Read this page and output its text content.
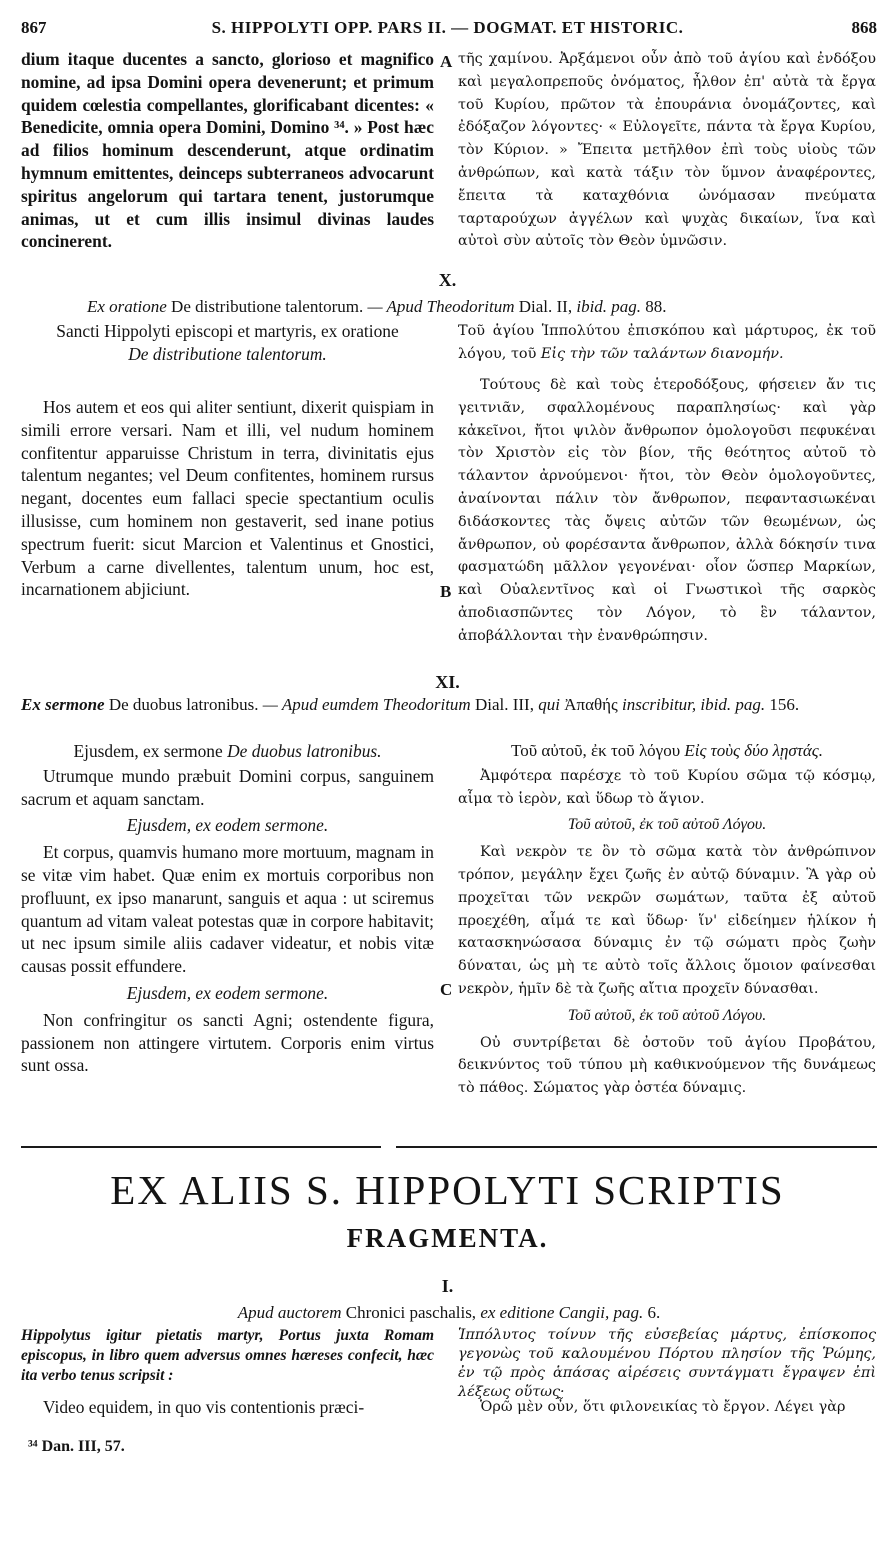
867	S. HIPPOLYTI OPP. PARS II. — DOGMAT. ET HISTORIC.	868
dium itaque ducentes a sancto, glorioso et magnifico nomine, ad ipsa Domini opera devenerunt; et primum quidem cœlestia compellantes, glorificabant dicentes: « Benedicite, omnia opera Domini, Domino ³⁴. » Post hæc ad filios hominum descenderunt, atque ordinatim hymnum emittentes, deinceps subterraneos advocarunt spiritus angelorum qui tartara tenent, justorumque animas, ut et cum illis insimul divinas laudes concinerent.
τῆς χαμίνου. Ἀρξάμενοι οὖν ἀπὸ τοῦ ἁγίου καὶ ἐνδόξου καὶ μεγαλοπρεποῦς ὀνόματος, ἦλθον ἐπ' αὐτὰ τὰ ἔργα τοῦ Κυρίου, πρῶτον τὰ ἐπουράνια ὀνομάζοντες, καὶ ἐδόξαζον λόγοντες· « Εὐλογεῖτε, πάντα τὰ ἔργα Κυρίου, τὸν Κύριον. » Ἔπειτα μετῆλθον ἐπὶ τοὺς υἱοὺς τῶν ἀνθρώπων, καὶ κατὰ τάξιν τὸν ὕμνον ἀναφέροντες, ἔπειτα τὰ καταχθόνια ὠνόμασαν πνεύματα ταρταρούχων ἀγγέλων καὶ ψυχὰς δικαίων, ἵνα καὶ αὐτοὶ σὺν αὐτοῖς τὸν Θεὸν ὑμνῶσιν.
A
X.
Ex oratione De distributione talentorum. — Apud Theodoritum Dial. II, ibid. pag. 88.
Sancti Hippolyti episcopi et martyris, ex oratione
De distributione talentorum.
Τοῦ ἁγίου Ἱππολύτου ἐπισκόπου καὶ μάρτυρος, ἐκ τοῦ λόγου, τοῦ Εἰς τὴν τῶν ταλάντων διανομήν.
Hos autem et eos qui aliter sentiunt, dixerit quispiam in simili errore versari. Nam et illi, vel nudum hominem confitentur apparuisse Christum in terra, divinitatis ejus talentum negantes; vel Deum confitentes, hominem rursus negant, docentes eum fallaci specie spectantium oculis illusisse, cum hominem non gestaverit, sed inane potius spectrum fuerit: sicut Marcion et Valentinus et Gnostici, Verbum a carne divellentes, talentum unum, hoc est, incarnationem abjiciunt.
Τούτους δὲ καὶ τοὺς ἑτεροδόξους, φήσειεν ἄν τις γειτνιᾶν, σφαλλομένους παραπλησίως· καὶ γὰρ κἀκεῖνοι, ἤτοι ψιλὸν ἄνθρωπον ὁμολογοῦσι πεφυκέναι τὸν Χριστὸν εἰς τὸν βίον, τῆς θεότητος αὐτοῦ τὸ τάλαντον ἀρνούμενοι· ἤτοι, τὸν Θεὸν ὁμολογοῦντες, ἀναίνονται πάλιν τὸν ἄνθρωπον, πεφαντασιωκέναι διδάσκοντες τὰς ὄψεις αὐτῶν τῶν θεωμένων, ὡς ἄνθρωπον, οὐ φορέσαντα ἄνθρωπον, ἀλλὰ δόκησίν τινα φασματώδη μᾶλλον γεγονέναι· οἷον ὥσπερ Μαρκίων, καὶ Οὐαλεντῖνος καὶ οἱ Γνωστικοὶ τῆς σαρκὸς ἀποδιασπῶντες τὸν Λόγον, τὸ ἓν τάλαντον, ἀποβάλλονται τὴν ἐνανθρώπησιν.
B
XI.
Ex sermone De duobus latronibus. — Apud eumdem Theodoritum Dial. III, qui Ἀπαθής inscribitur, ibid. pag. 156.

Ejusdem, ex sermone De duobus latronibus.

Utrumque mundo præbuit Domini corpus, sanguinem sacrum et aquam sanctam.

Ejusdem, ex eodem sermone.

Et corpus, quamvis humano more mortuum, magnam in se vitæ vim habet. Quæ enim ex mortuis corporibus non profluunt, ex ipso manarunt, sanguis et aqua : ut sciremus quantum ad vitam valeat potestas quæ in corpore habitavit; ut nec ipsum simile aliis cadaver videatur, et nobis vitæ causas possit effundere.

Ejusdem, ex eodem sermone.

Non confringitur os sancti Agni; ostendente figura, passionem non attingere virtutem. Corporis enim virtus sunt ossa.

Τοῦ αὐτοῦ, ἐκ τοῦ λόγου Εἰς τοὺς δύο λῃστάς.

Ἀμφότερα παρέσχε τὸ τοῦ Κυρίου σῶμα τῷ κόσμῳ, αἷμα τὸ ἱερὸν, καὶ ὕδωρ τὸ ἅγιον.

Τοῦ αὐτοῦ, ἐκ τοῦ αὐτοῦ Λόγου.

Καὶ νεκρὸν τε ὂν τὸ σῶμα κατὰ τὸν ἀνθρώπινον τρόπον, μεγάλην ἔχει ζωῆς ἐν αὐτῷ δύναμιν. Ἃ γὰρ οὐ προχεῖται τῶν νεκρῶν σωμάτων, ταῦτα ἐξ αὐτοῦ προεχέθη, αἷμά τε καὶ ὕδωρ· ἵν' εἰδείημεν ἡλίκον ἡ κατασκηνώσασα δύναμις ἐν τῷ σώματι πρὸς ζωὴν δύναται, ὡς μὴ τε αὐτὸ τοῖς ἄλλοις ὅμοιον φαίνεσθαι νεκρὸν, ἡμῖν δὲ τὰ ζωῆς αἴτια προχεῖν δύνασθαι.

Τοῦ αὐτοῦ, ἐκ τοῦ αὐτοῦ Λόγου.

Οὐ συντρίβεται δὲ ὀστοῦν τοῦ ἁγίου Προβάτου, δεικνύντος τοῦ τύπου μὴ καθικνούμενον τῆς δυνάμεως τὸ πάθος. Σώματος γὰρ ὀστέα δύναμις.

C
EX ALIIS S. HIPPOLYTI SCRIPTIS
FRAGMENTA.
I.
Apud auctorem Chronici paschalis, ex editione Cangii, pag. 6.
Hippolytus igitur pietatis martyr, Portus juxta Romam episcopus, in libro quem adversus omnes hæreses confecit, hæc ita verbo tenus scripsit :
Video equidem, in quo vis contentionis præci-
Ἱππόλυτος τοίνυν τῆς εὐσεβείας μάρτυς, ἐπίσκοπος γεγονὼς τοῦ καλουμένου Πόρτου πλησίον τῆς Ῥώμης, ἐν τῷ πρὸς ἁπάσας αἱρέσεις συντάγματι ἔγραψεν ἐπὶ λέξεως οὕτως·
Ὁρῶ μὲν οὖν, ὅτι φιλονεικίας τὸ ἔργον. Λέγει γὰρ
³⁴ Dan. III, 57.
